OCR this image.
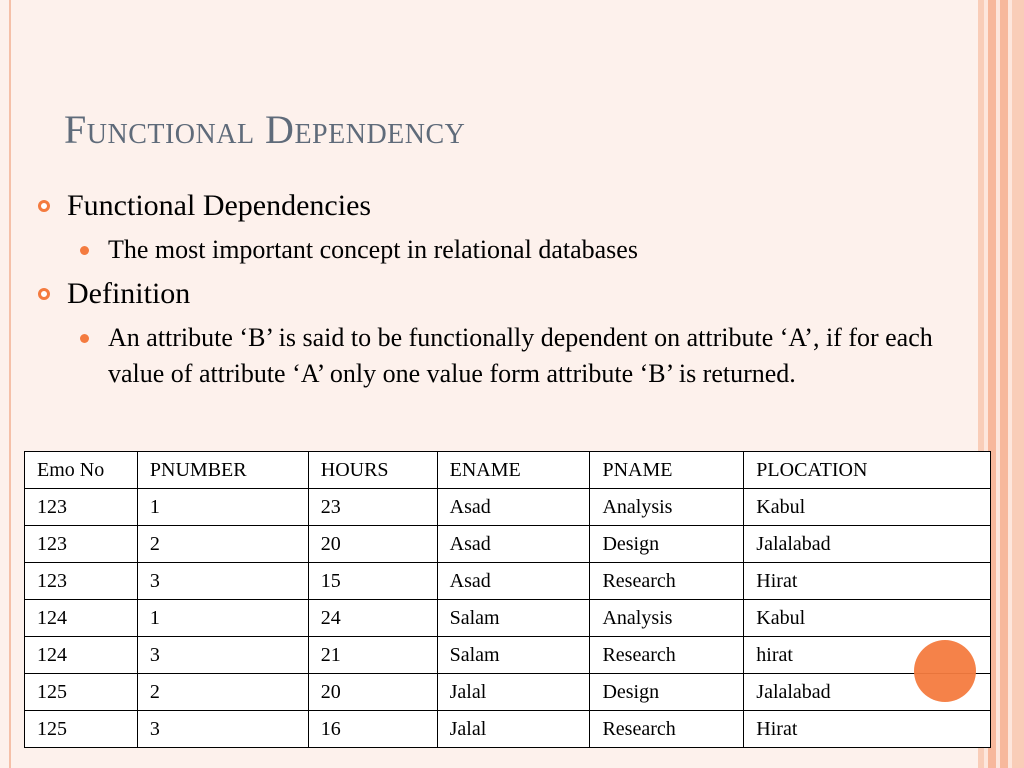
Functional Dependency
Functional Dependencies
The most important concept in relational databases
Definition
An attribute ‘B’ is said to be functionally dependent on attribute ‘A’, if for each value of attribute ‘A’ only one value form attribute ‘B’ is returned.
Emo No	PNUMBER	HOURS	ENAME	PNAME	PLOCATION
123	1	23	Asad	Analysis	Kabul
123	2	20	Asad	Design	Jalalabad
123	3	15	Asad	Research	Hirat
124	1	24	Salam	Analysis	Kabul
124	3	21	Salam	Research	hirat
125	2	20	Jalal	Design	Jalalabad
125	3	16	Jalal	Research	Hirat
